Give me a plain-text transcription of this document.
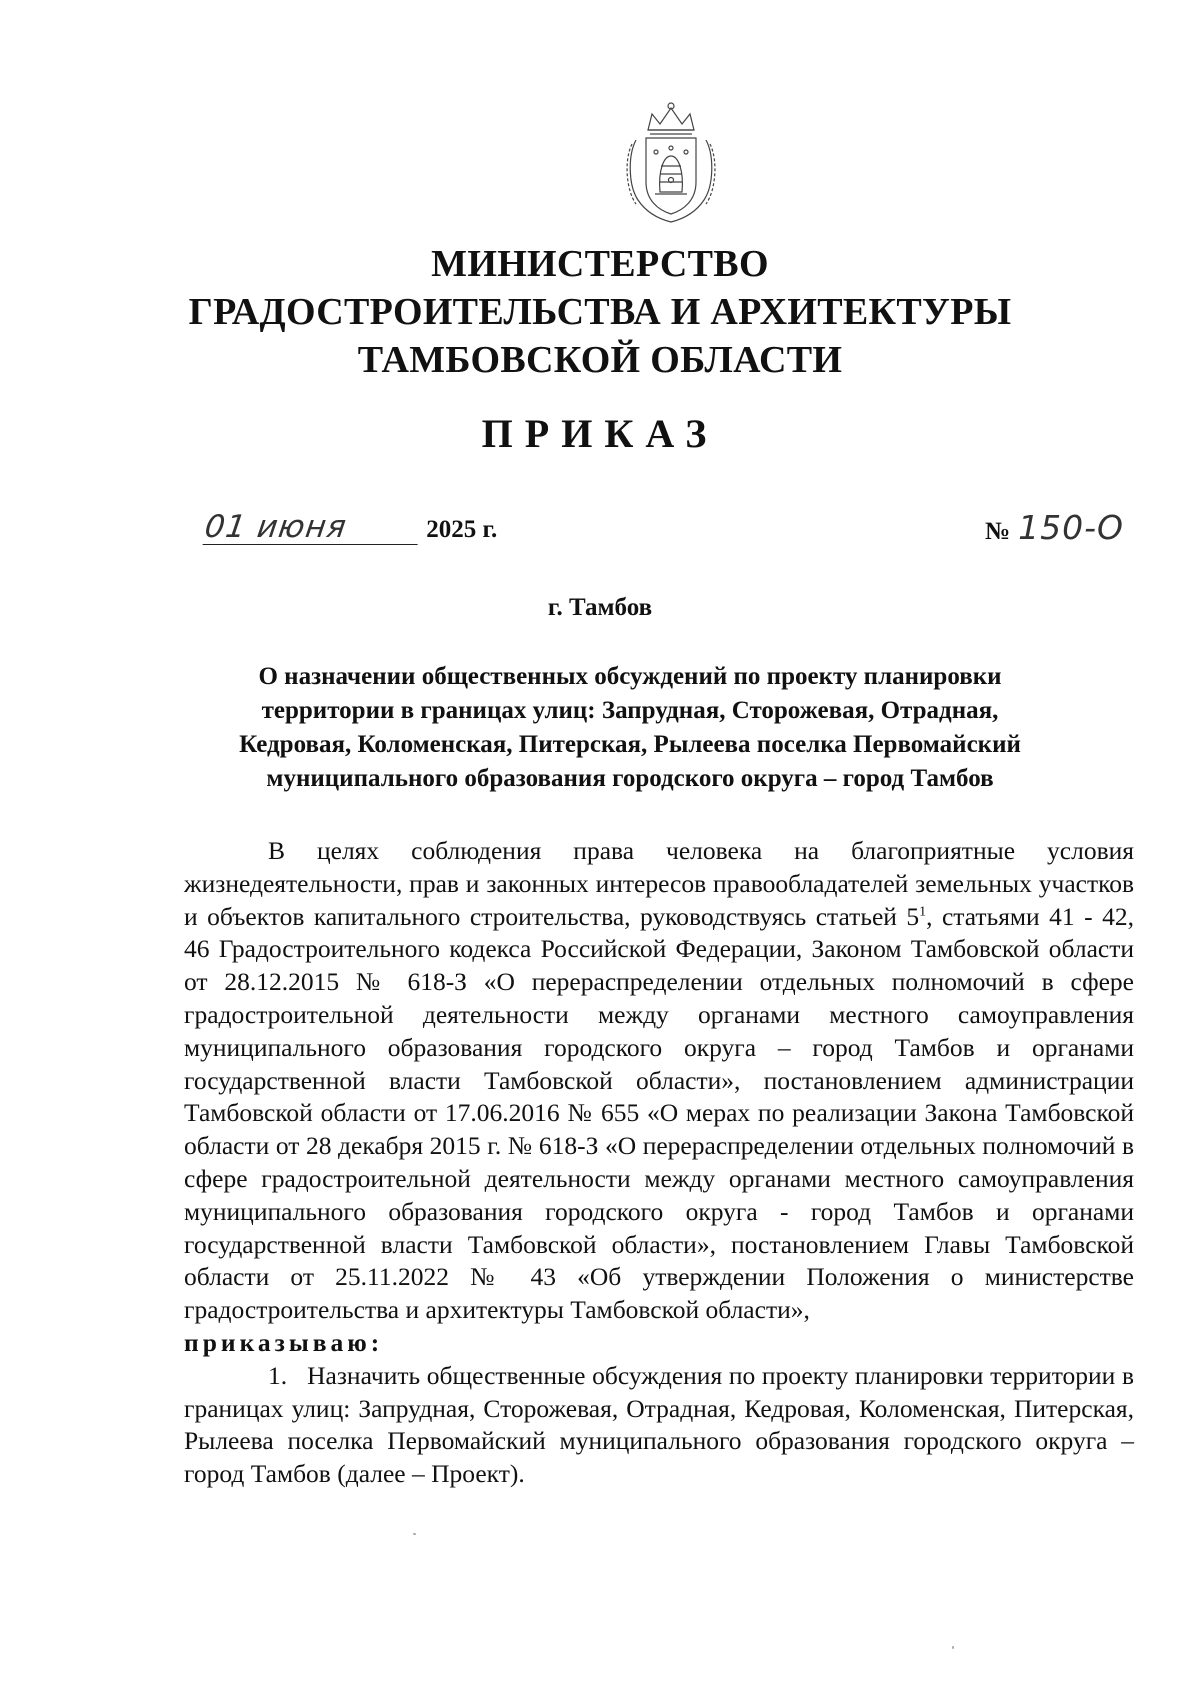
МИНИСТЕРСТВО
ГРАДОСТРОИТЕЛЬСТВА И АРХИТЕКТУРЫ
ТАМБОВСКОЙ ОБЛАСТИ
ПРИКАЗ
01 июня	2025 г.	№ 150-О
г. Тамбов
О назначении общественных обсуждений по проекту планировки
территории в границах улиц: Запрудная, Сторожевая, Отрадная,
Кедровая, Коломенская, Питерская, Рылеева поселка Первомайский
муниципального образования городского округа – город Тамбов

В целях соблюдения права человека на благоприятные условия жизнедеятельности, прав и законных интересов правообладателей земельных участков и объектов капитального строительства, руководствуясь статьей $5^1$, статьями 41 - 42, 46 Градостроительного кодекса Российской Федерации, Законом Тамбовской области от 28.12.2015 № 618-З «О перераспределении отдельных полномочий в сфере градостроительной деятельности между органами местного самоуправления муниципального образования городского округа – город Тамбов и органами государственной власти Тамбовской области», постановлением администрации Тамбовской области от 17.06.2016 № 655 «О мерах по реализации Закона Тамбовской области от 28 декабря 2015 г. № 618-З «О перераспределении отдельных полномочий в сфере градостроительной деятельности между органами местного самоуправления муниципального образования городского округа - город Тамбов и органами государственной власти Тамбовской области», постановлением Главы Тамбовской области от 25.11.2022 № 43 «Об утверждении Положения о министерстве градостроительства и архитектуры Тамбовской области»,

приказываю:

1. Назначить общественные обсуждения по проекту планировки территории в границах улиц: Запрудная, Сторожевая, Отрадная, Кедровая, Коломенская, Питерская, Рылеева поселка Первомайский муниципального образования городского округа – город Тамбов (далее – Проект).
